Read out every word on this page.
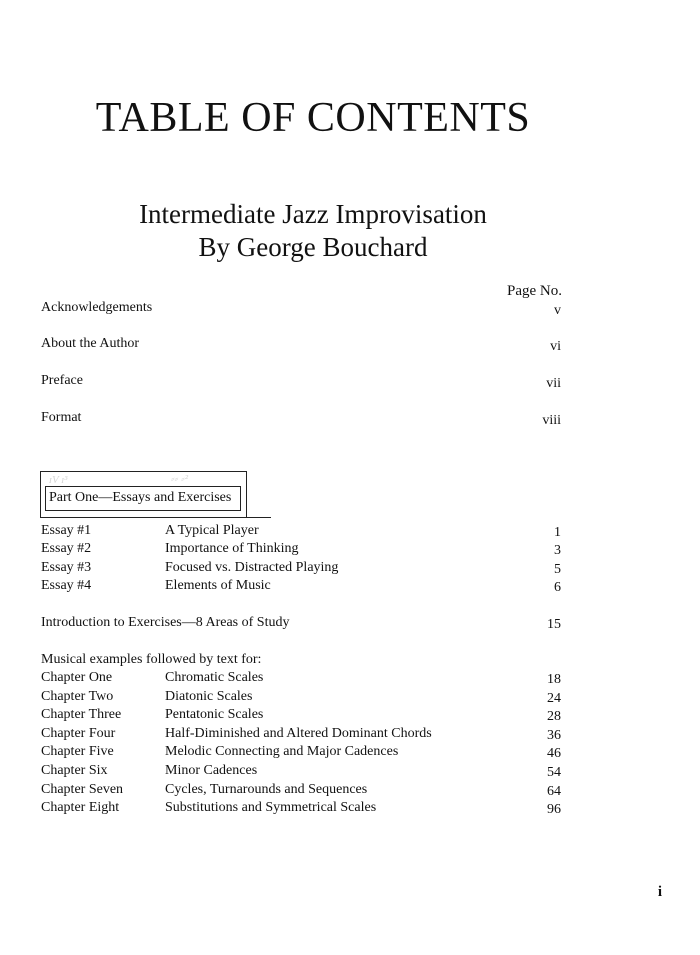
TABLE OF CONTENTS
Intermediate Jazz Improvisation
By George Bouchard
Page No.
Acknowledgements	v
About the Author	vi
Preface	vii
Format	viii
ɪV ɪ³	⸗⸗ ⸗²
Part One—Essays and Exercises
Essay #1	A Typical Player	1
Essay #2	Importance of Thinking	3
Essay #3	Focused vs. Distracted Playing	5
Essay #4	Elements of Music	6
Introduction to Exercises—8 Areas of Study	15
Musical examples followed by text for:
Chapter One	Chromatic Scales	18
Chapter Two	Diatonic Scales	24
Chapter Three	Pentatonic Scales	28
Chapter Four	Half-Diminished and Altered Dominant Chords	36
Chapter Five	Melodic Connecting and Major Cadences	46
Chapter Six	Minor Cadences	54
Chapter Seven	Cycles, Turnarounds and Sequences	64
Chapter Eight	Substitutions and Symmetrical Scales	96
i
